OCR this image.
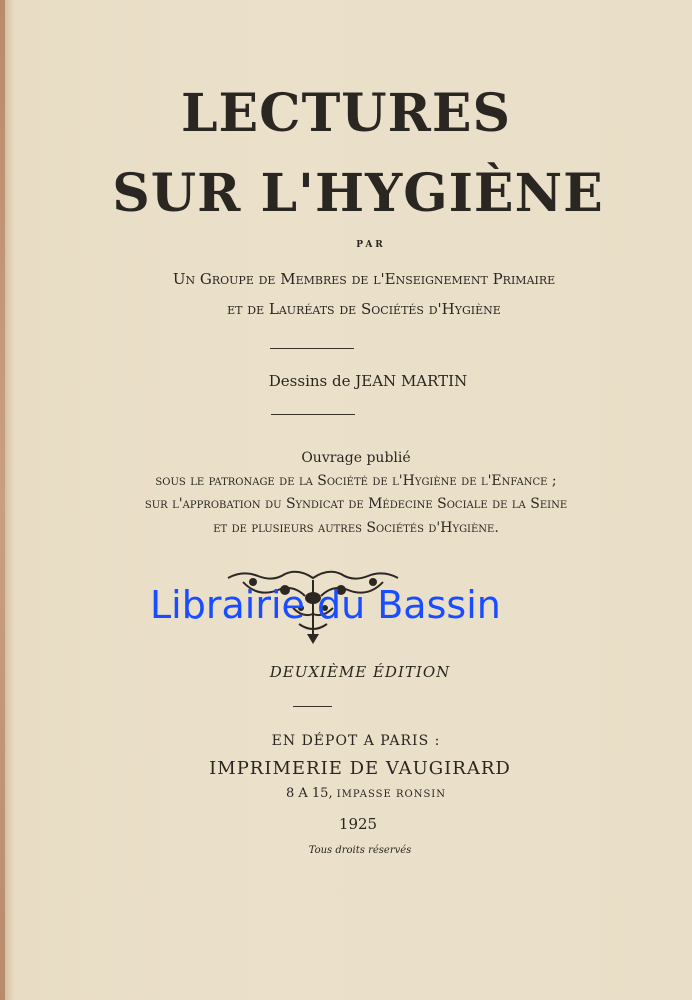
LECTURES
SUR L'HYGIÈNE
PAR
Un Groupe de Membres de l'Enseignement Primaire
et de Lauréats de Sociétés d'Hygiène
Dessins de JEAN MARTIN
Ouvrage publié
sous le patronage de la Société de l'Hygiène de l'Enfance ;
sur l'approbation du Syndicat de Médecine Sociale de la Seine
et de plusieurs autres Sociétés d'Hygiène.
Librairie du Bassin
DEUXIÈME ÉDITION
EN DÉPOT A PARIS :
IMPRIMERIE DE VAUGIRARD
8 A 15, IMPASSE RONSIN
1925
Tous droits réservés
